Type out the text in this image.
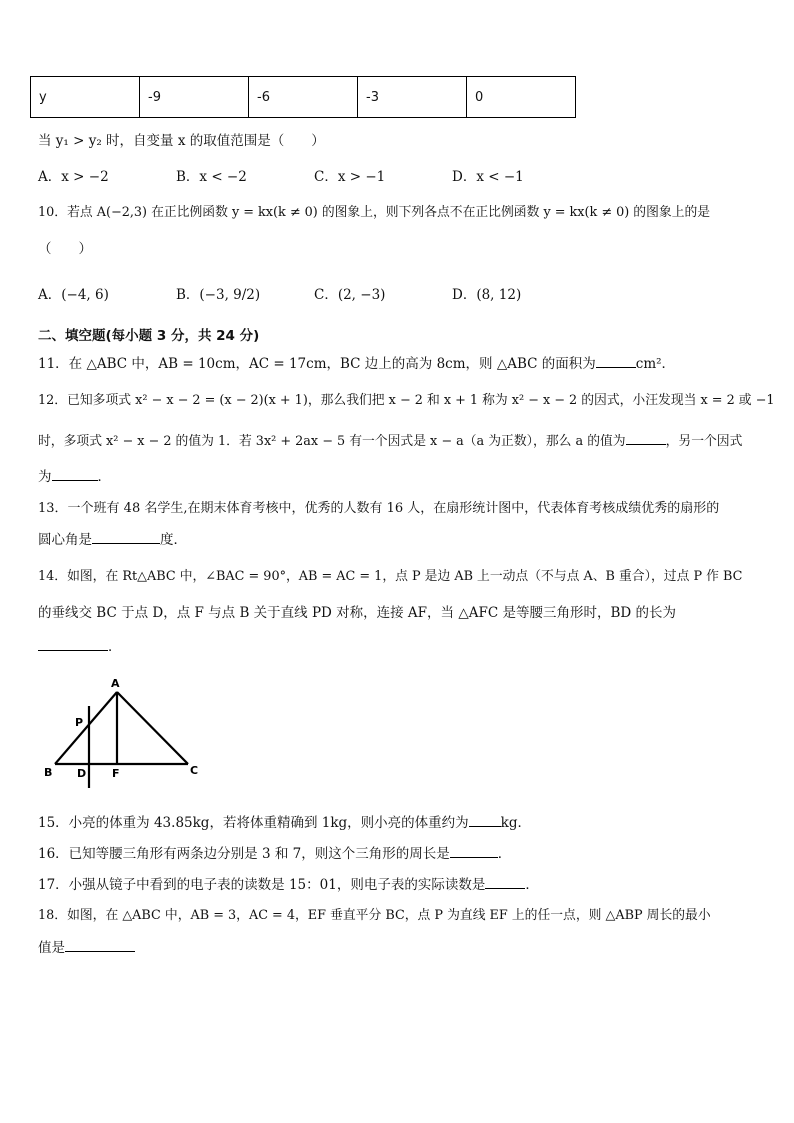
y	-9	-6	-3	0
当 y₁ > y₂ 时，自变量 x 的取值范围是（　　）
A．x > −2	B．x < −2	C．x > −1	D．x < −1
10．若点 A(−2,3) 在正比例函数 y = kx(k ≠ 0) 的图象上，则下列各点不在正比例函数 y = kx(k ≠ 0) 的图象上的是
（　　）
A．(−4, 6)	B．(−3, 9/2)	C．(2, −3)	D．(8, 12)
二、填空题(每小题 3 分，共 24 分)
11．在 △ABC 中，AB = 10cm，AC = 17cm，BC 边上的高为 8cm，则 △ABC 的面积为	cm²．
12．已知多项式 x² − x − 2 = (x − 2)(x + 1)，那么我们把 x − 2 和 x + 1 称为 x² − x − 2 的因式，小汪发现当 x = 2 或 −1
时，多项式 x² − x − 2 的值为 1．若 3x² + 2ax − 5 有一个因式是 x − a（a 为正数），那么 a 的值为	，另一个因式
为	．
13．一个班有 48 名学生,在期末体育考核中，优秀的人数有 16 人，在扇形统计图中，代表体育考核成绩优秀的扇形的
圆心角是	度．
14．如图，在 Rt△ABC 中，∠BAC = 90°，AB = AC = 1，点 P 是边 AB 上一动点（不与点 A、B 重合），过点 P 作 BC
的垂线交 BC 于点 D，点 F 与点 B 关于直线 PD 对称，连接 AF，当 △AFC 是等腰三角形时，BD 的长为
．
A
B	C
P
D F
15．小亮的体重为 43.85kg，若将体重精确到 1kg，则小亮的体重约为 kg．
16．已知等腰三角形有两条边分别是 3 和 7，则这个三角形的周长是	．
17．小强从镜子中看到的电子表的读数是 15：01，则电子表的实际读数是	．
18．如图，在 △ABC 中，AB = 3，AC = 4，EF 垂直平分 BC，点 P 为直线 EF 上的任一点，则 △ABP 周长的最小
值是
